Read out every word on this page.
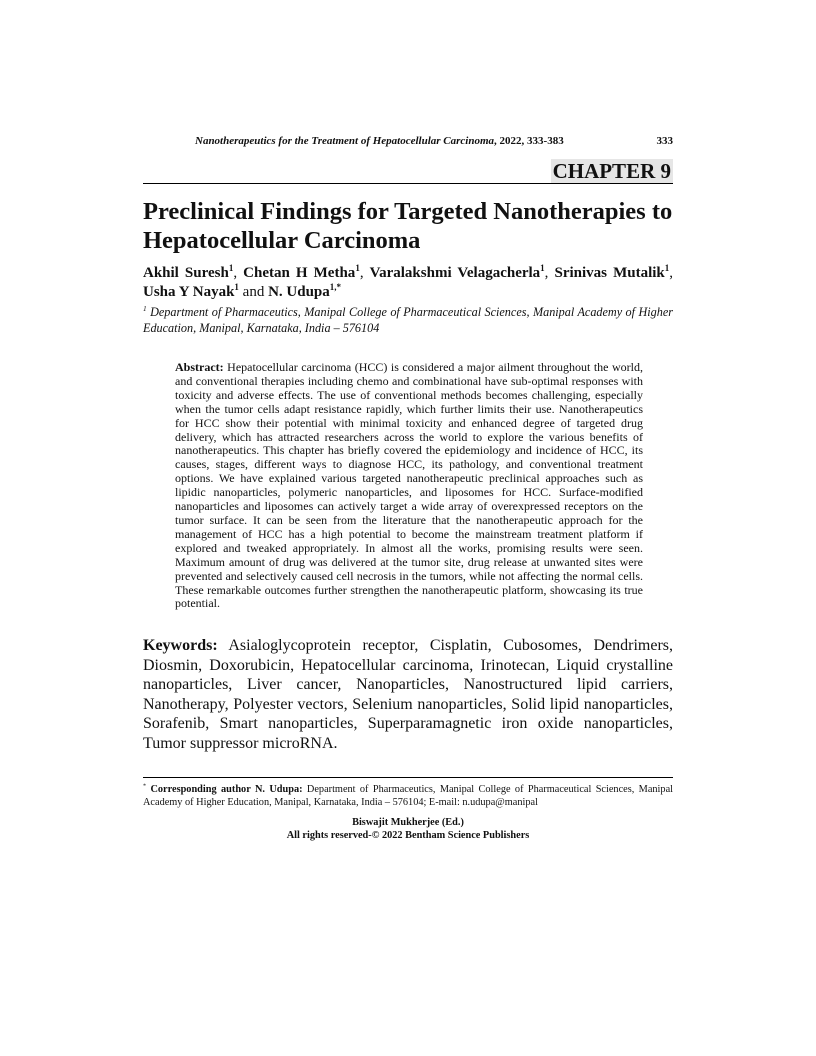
Nanotherapeutics for the Treatment of Hepatocellular Carcinoma, 2022, 333-383	333
CHAPTER 9
Preclinical Findings for Targeted Nanotherapies to Hepatocellular Carcinoma
Akhil Suresh$^1$, Chetan H Metha$^1$, Varalakshmi Velagacherla$^1$, Srinivas Mutalik$^1$, Usha Y Nayak$^1$ and N. Udupa$^{1,*}$
$^1$ Department of Pharmaceutics, Manipal College of Pharmaceutical Sciences, Manipal Academy of Higher Education, Manipal, Karnataka, India – 576104
Abstract: Hepatocellular carcinoma (HCC) is considered a major ailment throughout the world, and conventional therapies including chemo and combinational have sub-optimal responses with toxicity and adverse effects. The use of conventional methods becomes challenging, especially when the tumor cells adapt resistance rapidly, which further limits their use. Nanotherapeutics for HCC show their potential with minimal toxicity and enhanced degree of targeted drug delivery, which has attracted researchers across the world to explore the various benefits of nanotherapeutics. This chapter has briefly covered the epidemiology and incidence of HCC, its causes, stages, different ways to diagnose HCC, its pathology, and conventional treatment options. We have explained various targeted nanotherapeutic preclinical approaches such as lipidic nanoparticles, polymeric nanoparticles, and liposomes for HCC. Surface-modified nanoparticles and liposomes can actively target a wide array of overexpressed receptors on the tumor surface. It can be seen from the literature that the nanotherapeutic approach for the management of HCC has a high potential to become the mainstream treatment platform if explored and tweaked appropriately. In almost all the works, promising results were seen. Maximum amount of drug was delivered at the tumor site, drug release at unwanted sites were prevented and selectively caused cell necrosis in the tumors, while not affecting the normal cells. These remarkable outcomes further strengthen the nanotherapeutic platform, showcasing its true potential.
Keywords: Asialoglycoprotein receptor, Cisplatin, Cubosomes, Dendrimers, Diosmin, Doxorubicin, Hepatocellular carcinoma, Irinotecan, Liquid crystalline nanoparticles, Liver cancer, Nanoparticles, Nanostructured lipid carriers, Nanotherapy, Polyester vectors, Selenium nanoparticles, Solid lipid nanoparticles, Sorafenib, Smart nanoparticles, Superparamagnetic iron oxide nanoparticles, Tumor suppressor microRNA.
* Corresponding author N. Udupa: Department of Pharmaceutics, Manipal College of Pharmaceutical Sciences, Manipal Academy of Higher Education, Manipal, Karnataka, India – 576104; E-mail: n.udupa@manipal
Biswajit Mukherjee (Ed.)
All rights reserved-© 2022 Bentham Science Publishers
